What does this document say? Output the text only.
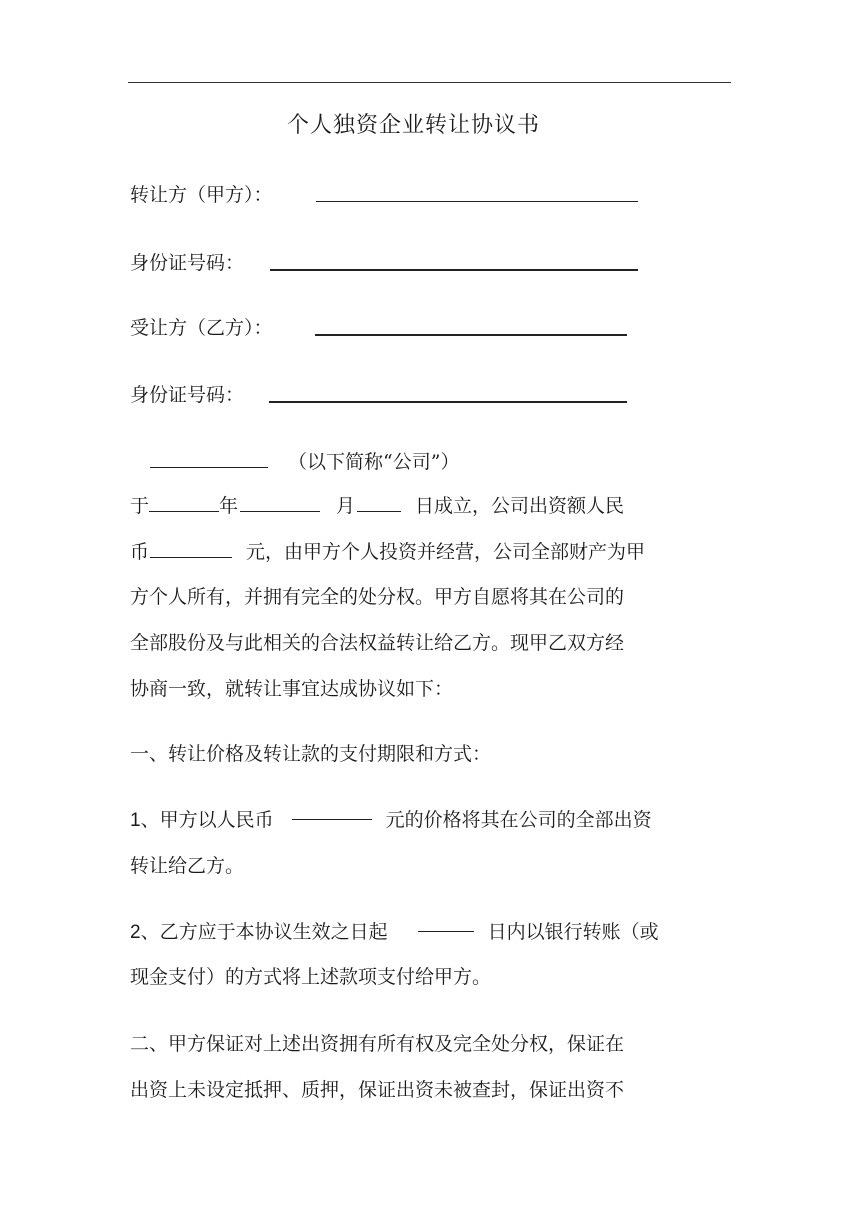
个人独资企业转让协议书
转让方（甲方）：
身份证号码：
受让方（乙方）：
身份证号码：
（以下简称“公司”）
于	年	月	日成立，公司出资额人民
币	元，由甲方个人投资并经营，公司全部财产为甲
方个人所有，并拥有完全的处分权。甲方自愿将其在公司的
全部股份及与此相关的合法权益转让给乙方。现甲乙双方经
协商一致，就转让事宜达成协议如下：
一、转让价格及转让款的支付期限和方式：
1、甲方以人民币	元的价格将其在公司的全部出资
转让给乙方。
2、乙方应于本协议生效之日起	日内以银行转账（或
现金支付）的方式将上述款项支付给甲方。
二、甲方保证对上述出资拥有所有权及完全处分权，保证在
出资上未设定抵押、质押，保证出资未被查封，保证出资不
